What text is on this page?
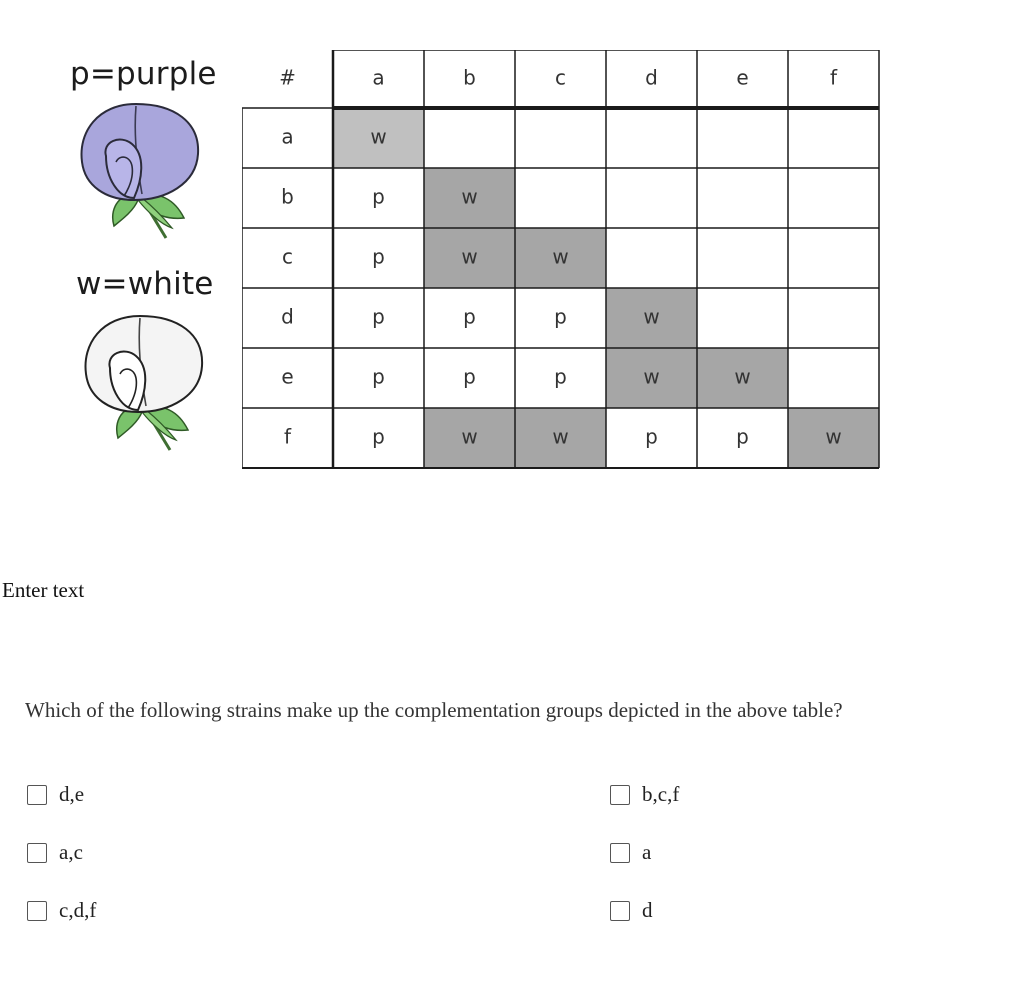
p=purple
w=white
#	a	b	c	d	e	f
a	w
b	p	w
c	p	w	w
d	p	p	p	w
e	p	p	p	w	w
f	p	w	w	p	p	w
Enter text
Which of the following strains make up the complementation groups depicted in the above table?
d,e	b,c,f
a,c	a
c,d,f	d
